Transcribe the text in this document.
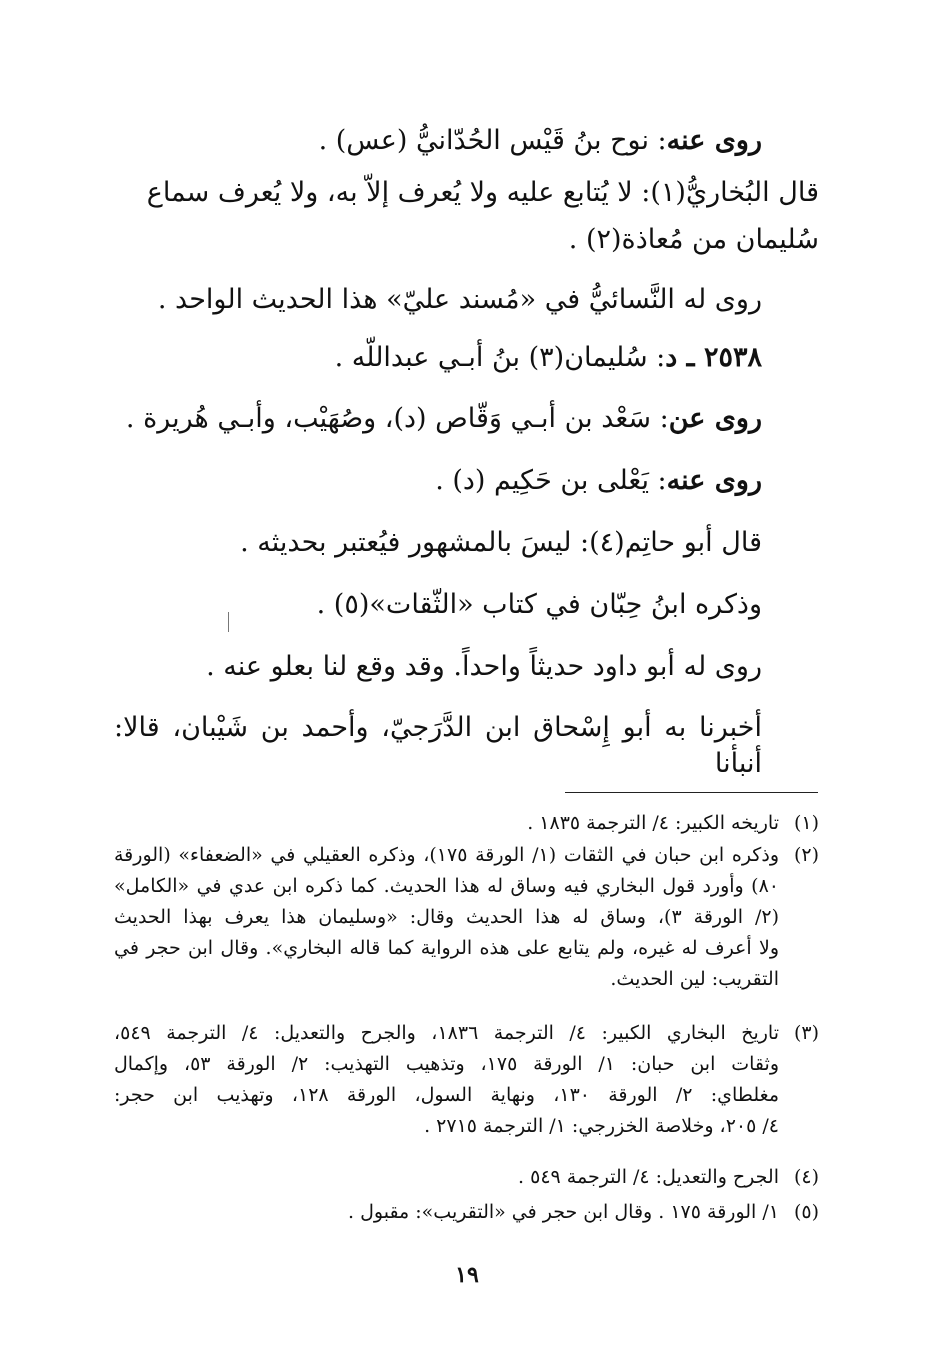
روى عنه: نوح بنُ قَيْس الحُدّانيُّ (عس) .
قال البُخاريُّ(١): لا يُتابع عليه ولا يُعرف إلاّ به، ولا يُعرف سماع
سُليمان من مُعاذة(٢) .
روى له النَّسائيُّ في «مُسند عليّ» هذا الحديث الواحد .
٢٥٣٨ ـ د: سُليمان(٣) بنُ أبـي عبداللّه .
روى عن: سَعْد بن أبـي وَقّاص (د)، وصُهَيْب، وأبـي هُريرة .
روى عنه: يَعْلى بن حَكِيم (د) .
قال أبو حاتِم(٤): ليسَ بالمشهور فيُعتبر بحديثه .
وذكره ابنُ حِبّان في كتاب «الثّقات»(٥) .
روى له أبو داود حديثاً واحداً. وقد وقع لنا بعلو عنه .
أخبرنا به أبو إِسْحاق ابن الدَّرَجيّ، وأحمد بن شَيْبان، قالا: أنبأنا
(١)

تاريخه الكبير: ٤/ الترجمة ١٨٣٥ .

(٢)

وذكره ابن حبان في الثقات (١/ الورقة ١٧٥)، وذكره العقيلي في «الضعفاء» (الورقة

٨٠) وأورد قول البخاري فيه وساق له هذا الحديث. كما ذكره ابن عدي في «الكامل»

(٢/ الورقة ٣)، وساق له هذا الحديث وقال: «وسليمان هذا يعرف بهذا الحديث

ولا أعرف له غيره، ولم يتابع على هذه الرواية كما قاله البخاري». وقال ابن حجر في

التقريب: لين الحديث.

(٣)

تاريخ البخاري الكبير: ٤/ الترجمة ١٨٣٦، والجرح والتعديل: ٤/ الترجمة ٥٤٩،

وثقات ابن حبان: ١/ الورقة ١٧٥، وتذهيب التهذيب: ٢/ الورقة ٥٣، وإكمال

مغلطاي: ٢/ الورقة ١٣٠، ونهاية السول، الورقة ١٢٨، وتهذيب ابن حجر:

٤/ ٢٠٥، وخلاصة الخزرجي: ١/ الترجمة ٢٧١٥ .

(٤)

الجرح والتعديل: ٤/ الترجمة ٥٤٩ .

(٥)

١/ الورقة ١٧٥ . وقال ابن حجر في «التقريب»: مقبول .

١٩
